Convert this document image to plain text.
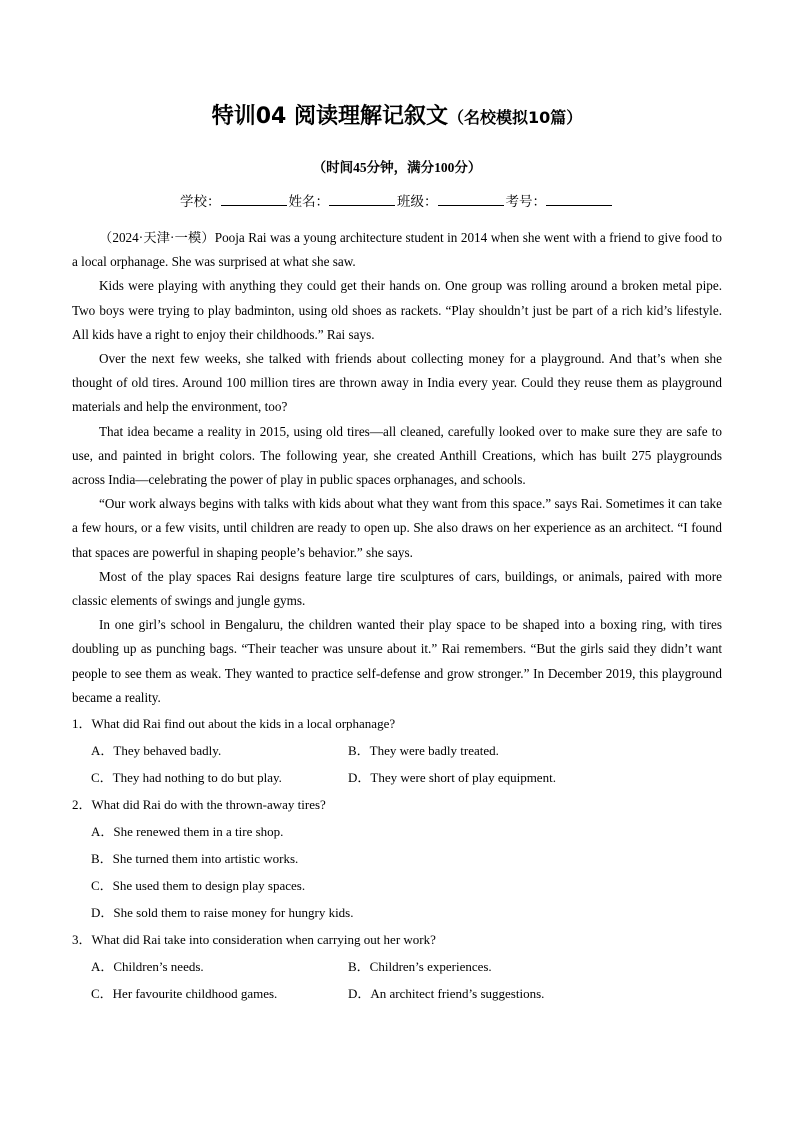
特训04 阅读理解记叙文（名校模拟10篇）
（时间45分钟，满分100分）
学校：	姓名：	班级：	考号：

（2024·天津·一模）Pooja Rai was a young architecture student in 2014 when she went with a friend to give food to a local orphanage. She was surprised at what she saw.

Kids were playing with anything they could get their hands on. One group was rolling around a broken metal pipe. Two boys were trying to play badminton, using old shoes as rackets. “Play shouldn’t just be part of a rich kid’s lifestyle. All kids have a right to enjoy their childhoods.” Rai says.

Over the next few weeks, she talked with friends about collecting money for a playground. And that’s when she thought of old tires. Around 100 million tires are thrown away in India every year. Could they reuse them as playground materials and help the environment, too?

That idea became a reality in 2015, using old tires—all cleaned, carefully looked over to make sure they are safe to use, and painted in bright colors. The following year, she created Anthill Creations, which has built 275 playgrounds across India—celebrating the power of play in public spaces orphanages, and schools.

“Our work always begins with talks with kids about what they want from this space.” says Rai. Sometimes it can take a few hours, or a few visits, until children are ready to open up. She also draws on her experience as an architect. “I found that spaces are powerful in shaping people’s behavior.” she says.

Most of the play spaces Rai designs feature large tire sculptures of cars, buildings, or animals, paired with more classic elements of swings and jungle gyms.

In one girl’s school in Bengaluru, the children wanted their play space to be shaped into a boxing ring, with tires doubling up as punching bags. “Their teacher was unsure about it.” Rai remembers. “But the girls said they didn’t want people to see them as weak. They wanted to practice self-defense and grow stronger.” In December 2019, this playground became a reality.

1．What did Rai find out about the kids in a local orphanage?
A．They behaved badly.	B．They were badly treated.
C．They had nothing to do but play.	D．They were short of play equipment.
2．What did Rai do with the thrown-away tires?
A．She renewed them in a tire shop.
B．She turned them into artistic works.
C．She used them to design play spaces.
D．She sold them to raise money for hungry kids.
3．What did Rai take into consideration when carrying out her work?
A．Children’s needs.	B．Children’s experiences.
C．Her favourite childhood games.	D．An architect friend’s suggestions.
